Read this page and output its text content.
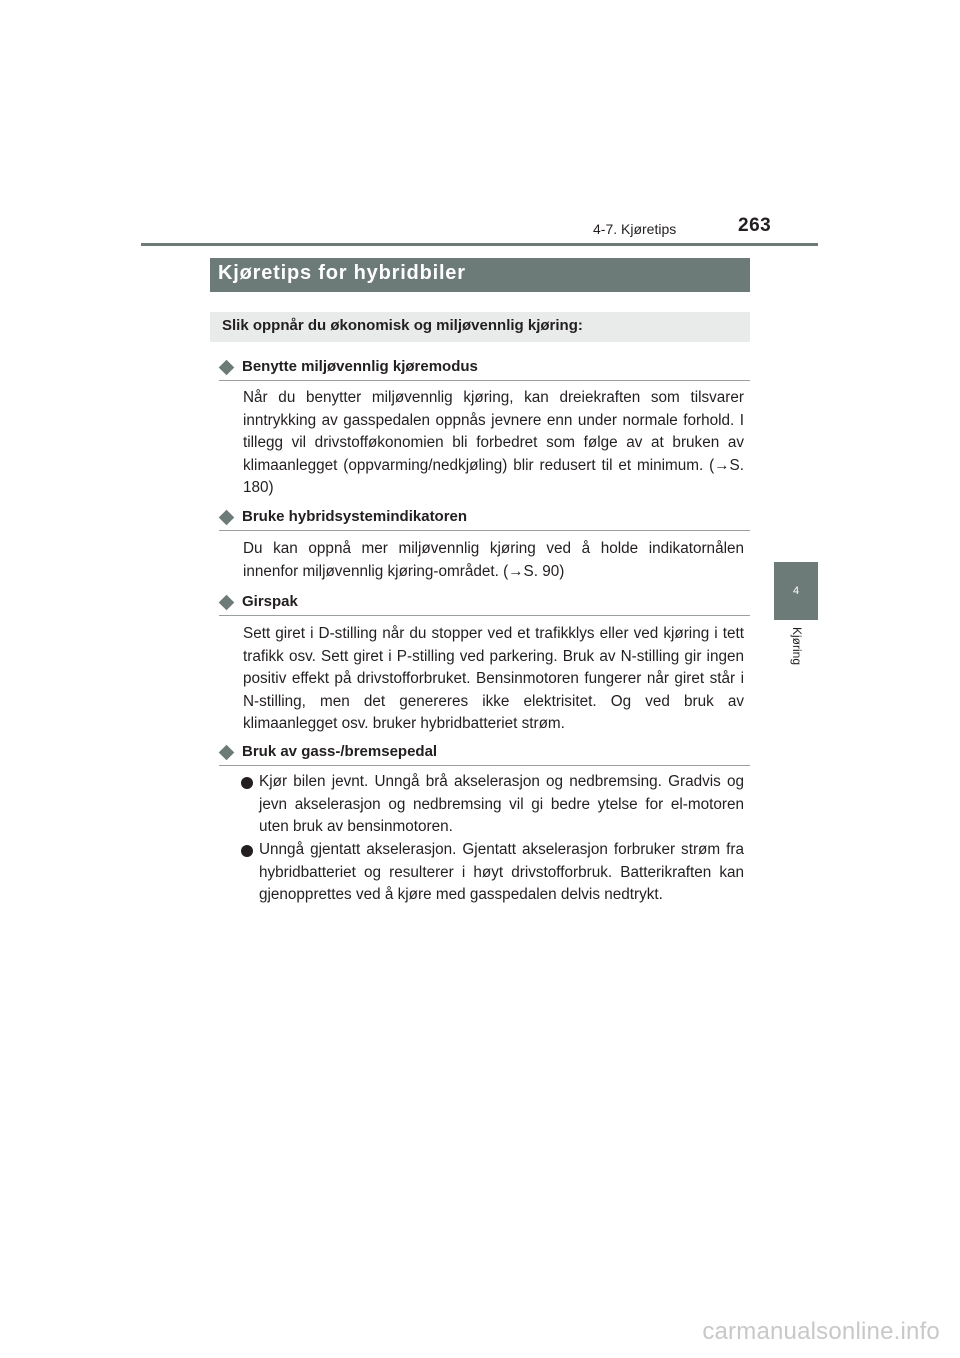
4-7. Kjøretips	263
4
Kjøring
Kjøretips for hybridbiler
Slik oppnår du økonomisk og miljøvennlig kjøring:
Benytte miljøvennlig kjøremodus
Når du benytter miljøvennlig kjøring, kan dreiekraften som tilsvarer inntrykking av gasspedalen oppnås jevnere enn under normale forhold. I tillegg vil drivstofføkonomien bli forbedret som følge av at bruken av klimaanlegget (oppvarming/nedkjøling) blir redusert til et minimum. (→S. 180)
Bruke hybridsystemindikatoren
Du kan oppnå mer miljøvennlig kjøring ved å holde indikatornålen innenfor miljøvennlig kjøring-området. (→S. 90)
Girspak
Sett giret i D-stilling når du stopper ved et trafikklys eller ved kjøring i tett trafikk osv. Sett giret i P-stilling ved parkering. Bruk av N-stilling gir ingen positiv effekt på drivstofforbruket. Bensinmotoren fungerer når giret står i N-stilling, men det genereres ikke elektrisitet. Og ved bruk av klimaanlegget osv. bruker hybridbatteriet strøm.
Bruk av gass-/bremsepedal
Kjør bilen jevnt. Unngå brå akselerasjon og nedbremsing. Gradvis og jevn akselerasjon og nedbremsing vil gi bedre ytelse for el-motoren uten bruk av bensinmotoren.
Unngå gjentatt akselerasjon. Gjentatt akselerasjon forbruker strøm fra hybridbatteriet og resulterer i høyt drivstofforbruk. Batterikraften kan gjenopprettes ved å kjøre med gasspedalen delvis nedtrykt.
carmanualsonline.info
